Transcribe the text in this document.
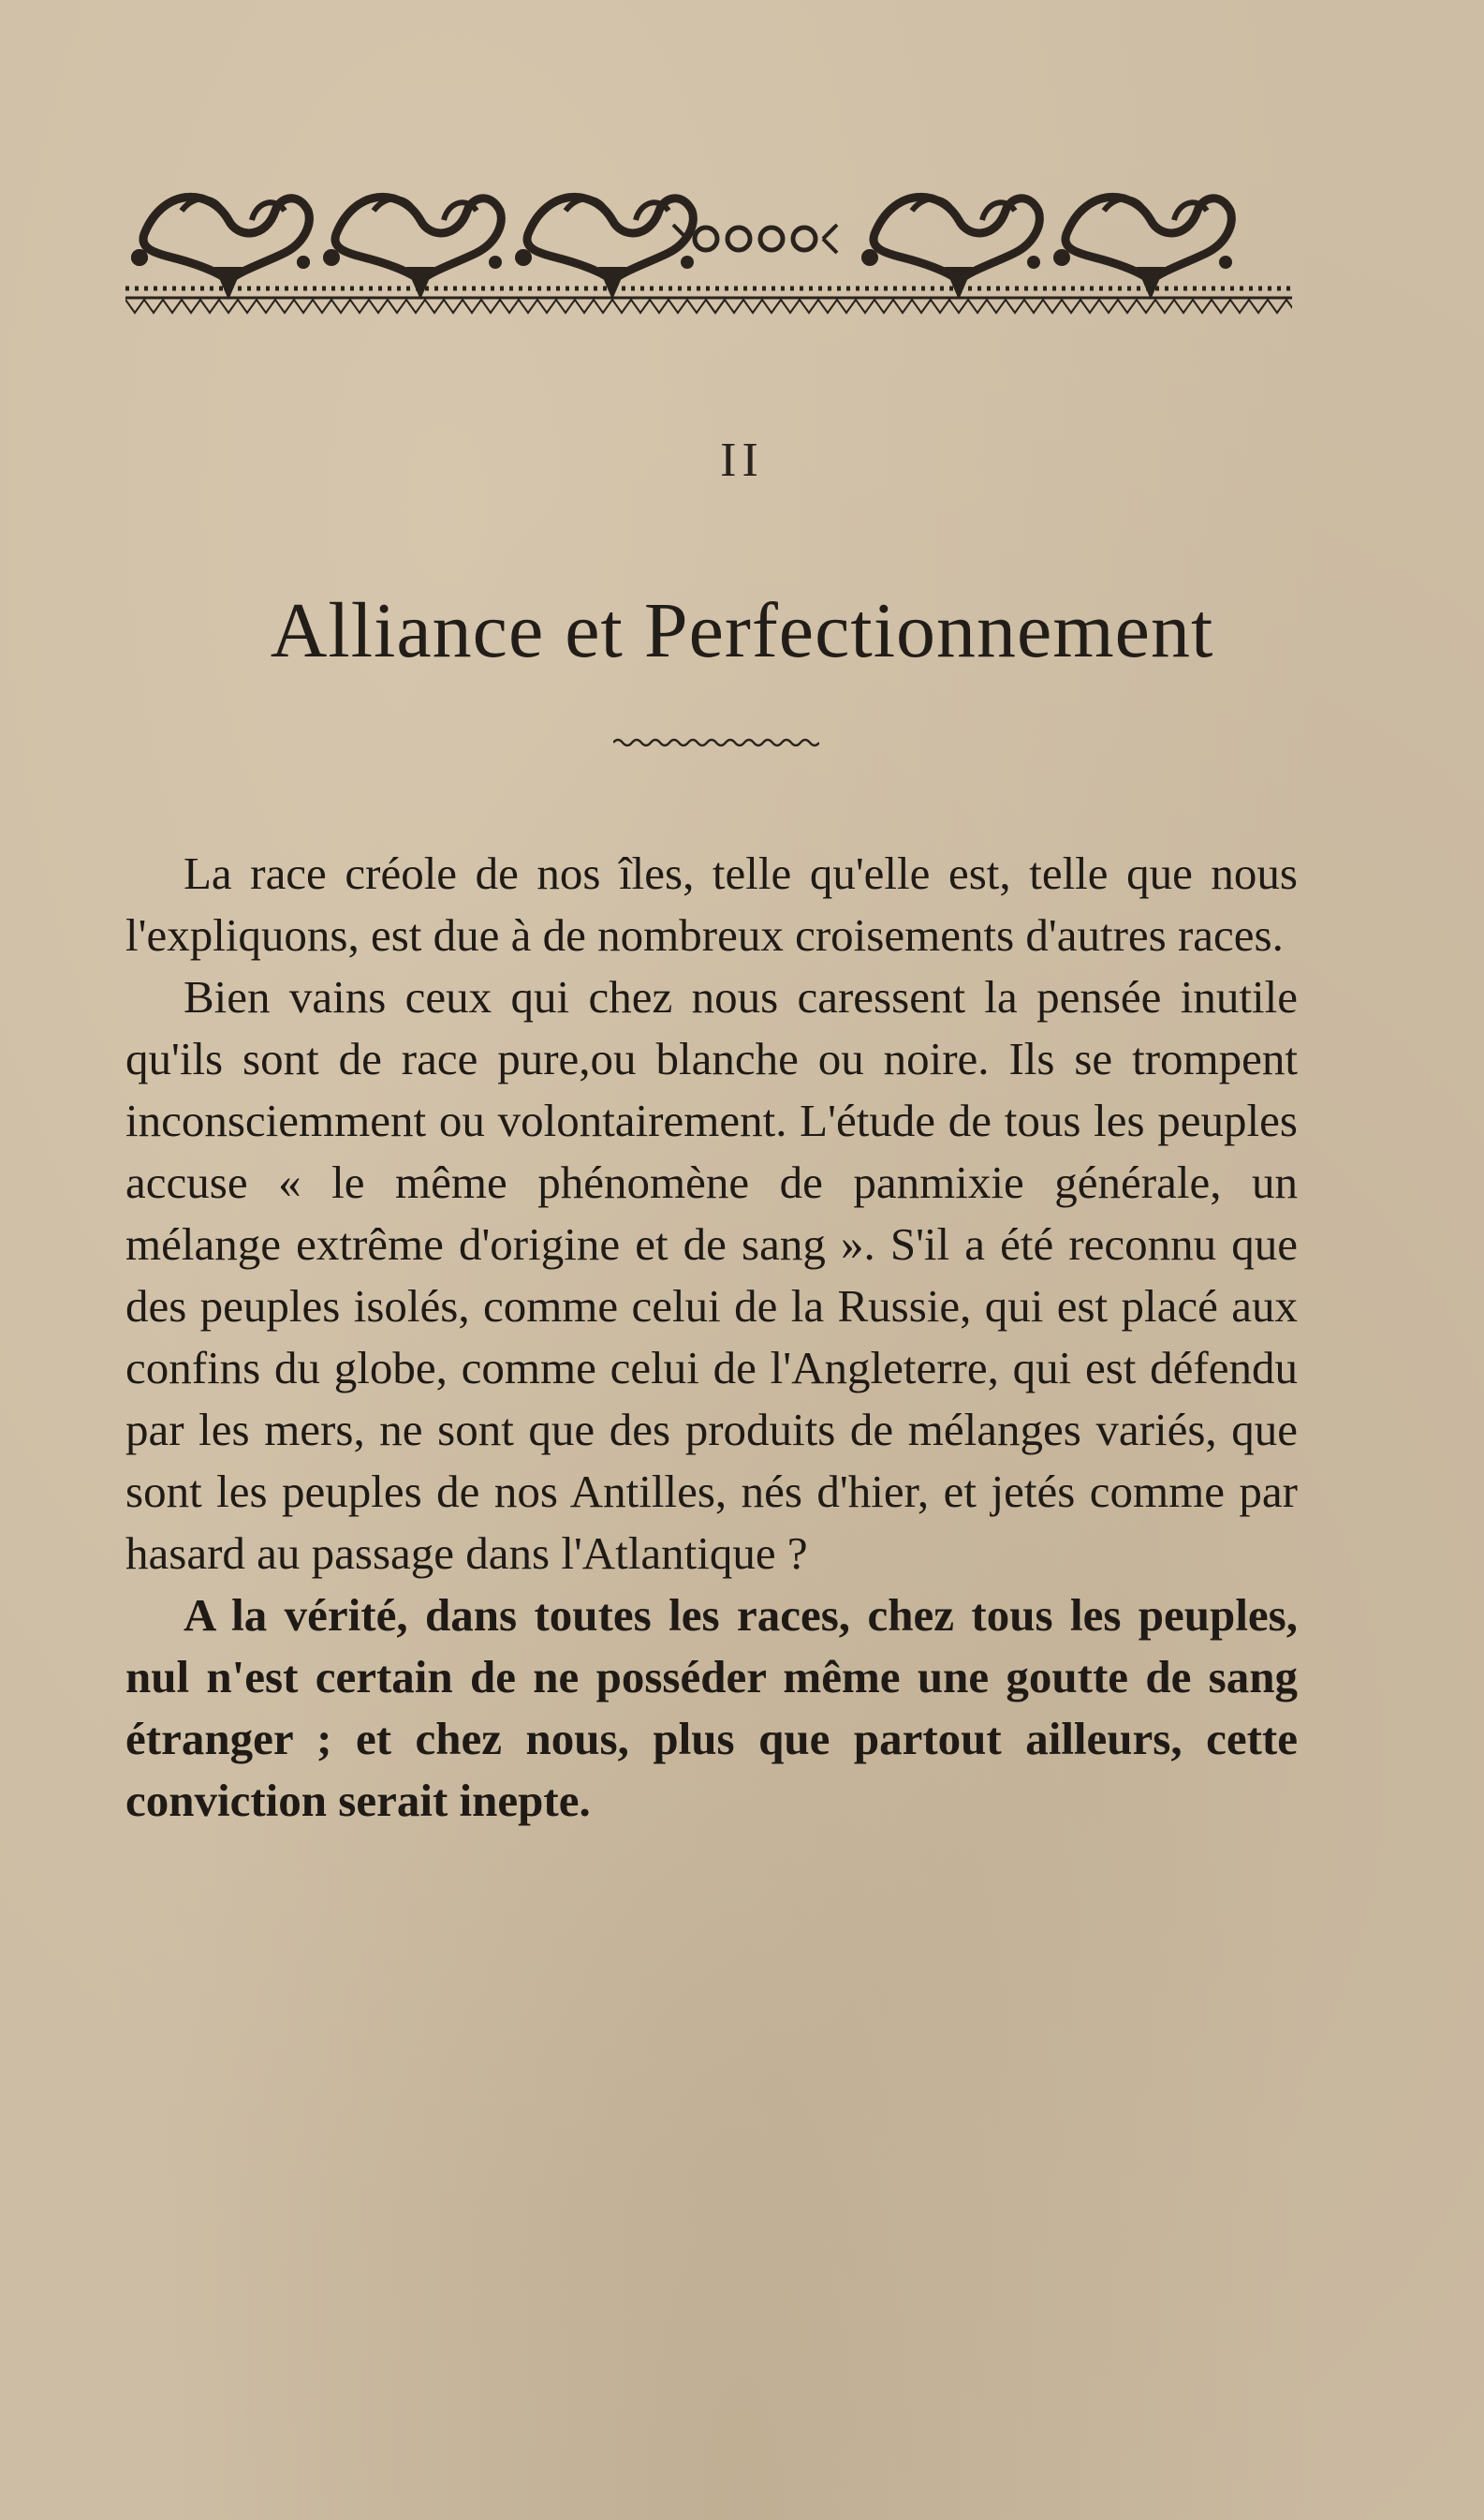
II
Alliance et Perfectionnement

La race créole de nos îles, telle qu'elle est, telle que nous l'expliquons, est due à de nombreux croisements d'autres races.

Bien vains ceux qui chez nous caressent la pensée inutile qu'ils sont de race pure,ou blanche ou noire. Ils se trompent inconsciemment ou volontairement. L'étude de tous les peuples accuse « le même phénomène de panmixie générale, un mélange extrême d'origine et de sang ». S'il a été reconnu que des peuples isolés, comme celui de la Russie, qui est placé aux confins du globe, comme celui de l'Angleterre, qui est défendu par les mers, ne sont que des produits de mélanges variés, que sont les peuples de nos Antilles, nés d'hier, et jetés comme par hasard au passage dans l'Atlantique ?

A la vérité, dans toutes les races, chez tous les peuples, nul n'est certain de ne posséder même une goutte de sang étranger ; et chez nous, plus que partout ailleurs, cette conviction serait inepte.
